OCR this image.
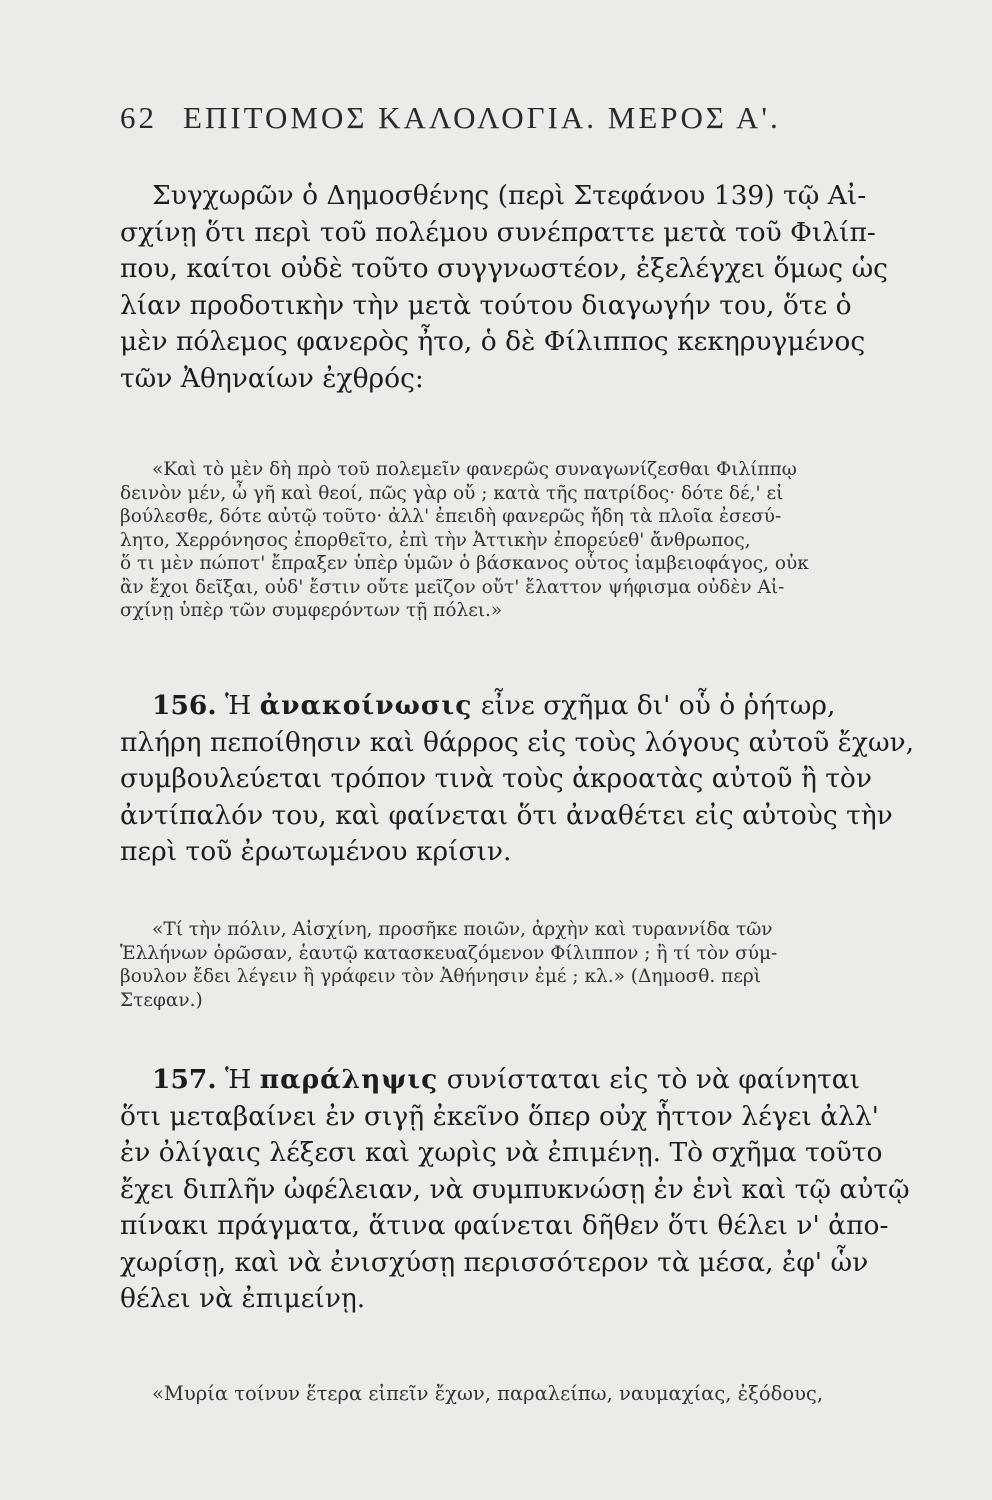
62 ΕΠΙΤΟΜΟΣ ΚΑΛΟΛΟΓΙΑ. ΜΕΡΟΣ Α'.
Συγχωρῶν ὁ Δημοσθένης (περὶ Στεφάνου 139) τῷ Αἰ-
σχίνῃ ὅτι περὶ τοῦ πολέμου συνέπραττε μετὰ τοῦ Φιλίπ-
που, καίτοι οὐδὲ τοῦτο συγγνωστέον, ἐξελέγχει ὅμως ὡς
λίαν προδοτικὴν τὴν μετὰ τούτου διαγωγήν του, ὅτε ὁ
μὲν πόλεμος φανερὸς ἦτο, ὁ δὲ Φίλιππος κεκηρυγμένος
τῶν Ἀθηναίων ἐχθρός:
«Καὶ τὸ μὲν δὴ πρὸ τοῦ πολεμεῖν φανερῶς συναγωνίζεσθαι Φιλίππῳ
δεινὸν μέν, ὦ γῆ καὶ θεοί, πῶς γὰρ οὔ ; κατὰ τῆς πατρίδος· δότε δέ,' εἰ
βούλεσθε, δότε αὐτῷ τοῦτο· ἀλλ' ἐπειδὴ φανερῶς ἤδη τὰ πλοῖα ἐσεσύ-
λητο, Χερρόνησος ἐπορθεῖτο, ἐπὶ τὴν Ἀττικὴν ἐπορεύεθ' ἄνθρωπος,
ὅ τι μὲν πώποτ' ἔπραξεν ὑπὲρ ὑμῶν ὁ βάσκανος οὗτος ἰαμβειοφάγος, οὐκ
ἂν ἔχοι δεῖξαι, οὐδ' ἔστιν οὔτε μεῖζον οὔτ' ἔλαττον ψήφισμα οὐδὲν Αἰ-
σχίνῃ ὑπὲρ τῶν συμφερόντων τῇ πόλει.»
156. Ἡ ἀνακοίνωσις εἶνε σχῆμα δι' οὗ ὁ ῥήτωρ,
πλήρη πεποίθησιν καὶ θάρρος εἰς τοὺς λόγους αὐτοῦ ἔχων,
συμβουλεύεται τρόπον τινὰ τοὺς ἀκροατὰς αὐτοῦ ἢ τὸν
ἀντίπαλόν του, καὶ φαίνεται ὅτι ἀναθέτει εἰς αὐτοὺς τὴν
περὶ τοῦ ἐρωτωμένου κρίσιν.
«Τί τὴν πόλιν, Αἰσχίνη, προσῆκε ποιῶν, ἀρχὴν καὶ τυραννίδα τῶν
Ἑλλήνων ὁρῶσαν, ἑαυτῷ κατασκευαζόμενον Φίλιππον ; ἢ τί τὸν σύμ-
βουλον ἔδει λέγειν ἢ γράφειν τὸν Ἀθήνησιν ἐμέ ; κλ.» (Δημοσθ. περὶ
Στεφαν.)
157. Ἡ παράληψις συνίσταται εἰς τὸ νὰ φαίνηται
ὅτι μεταβαίνει ἐν σιγῇ ἐκεῖνο ὅπερ οὐχ ἧττον λέγει ἀλλ'
ἐν ὀλίγαις λέξεσι καὶ χωρὶς νὰ ἐπιμένῃ. Τὸ σχῆμα τοῦτο
ἔχει διπλῆν ὠφέλειαν, νὰ συμπυκνώσῃ ἐν ἑνὶ καὶ τῷ αὐτῷ
πίνακι πράγματα, ἅτινα φαίνεται δῆθεν ὅτι θέλει ν' ἀπο-
χωρίσῃ, καὶ νὰ ἐνισχύσῃ περισσότερον τὰ μέσα, ἐφ' ὧν
θέλει νὰ ἐπιμείνῃ.
«Μυρία τοίνυν ἕτερα εἰπεῖν ἔχων, παραλείπω, ναυμαχίας, ἐξόδους,
